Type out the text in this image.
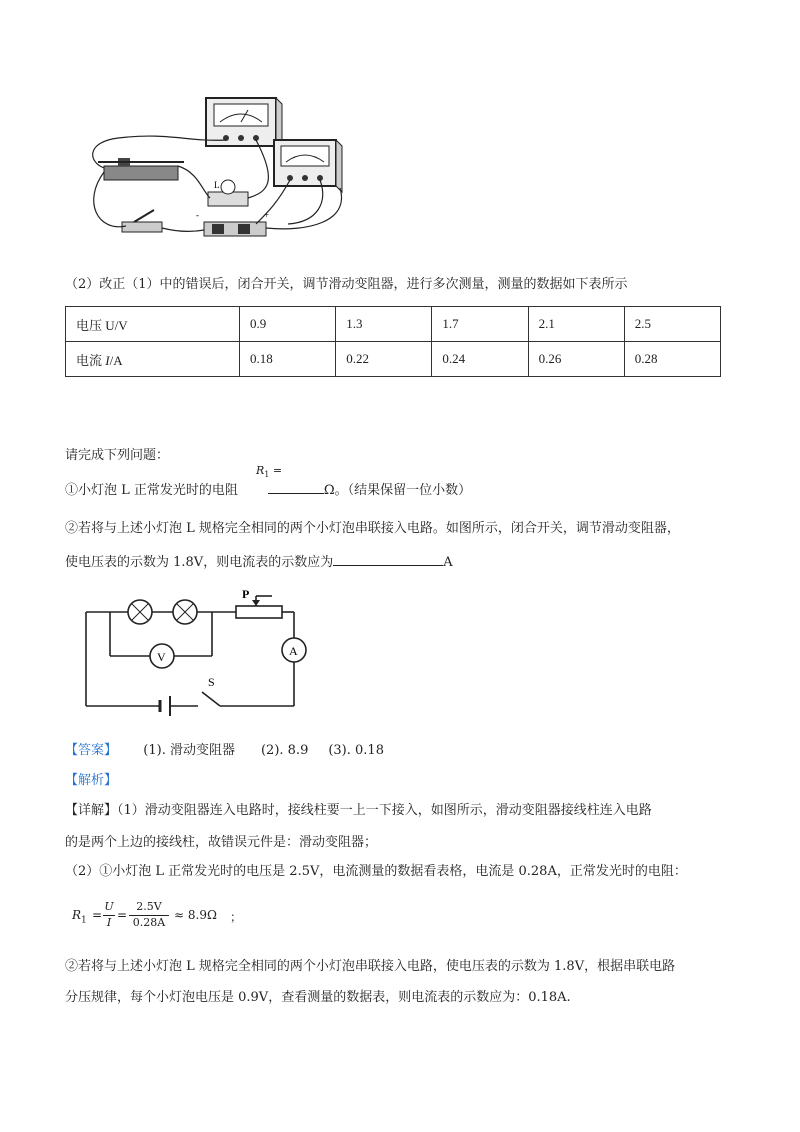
L
-	+
（2）改正（1）中的错误后，闭合开关，调节滑动变阻器，进行多次测量，测量的数据如下表所示
电压 U/V	0.9	1.3	1.7	2.1	2.5
电流 I/A	0.18	0.22	0.24	0.26	0.28
请完成下列问题：
$R_1$ =
①小灯泡 L 正常发光时的电阻	Ω。（结果保留一位小数）
②若将与上述小灯泡 L 规格完全相同的两个小灯泡串联接入电路。如图所示，闭合开关，调节滑动变阻器，
使电压表的示数为 1.8V，则电流表的示数应为	A
V	A
P
S
【答案】 (1). 滑动变阻器 (2). 8.9 (3). 0.18
【解析】
【详解】（1）滑动变阻器连入电路时，接线柱要一上一下接入，如图所示，滑动变阻器接线柱连入电路
的是两个上边的接线柱，故错误元件是：滑动变阻器；
（2）①小灯泡 L 正常发光时的电压是 2.5V，电流测量的数据看表格，电流是 0.28A，正常发光时的电阻：
$R_1$ =
U
I
=
2.5V
0.28A
≈ 8.9Ω ；
②若将与上述小灯泡 L 规格完全相同的两个小灯泡串联接入电路，使电压表的示数为 1.8V，根据串联电路
分压规律，每个小灯泡电压是 0.9V，查看测量的数据表，则电流表的示数应为：0.18A.
